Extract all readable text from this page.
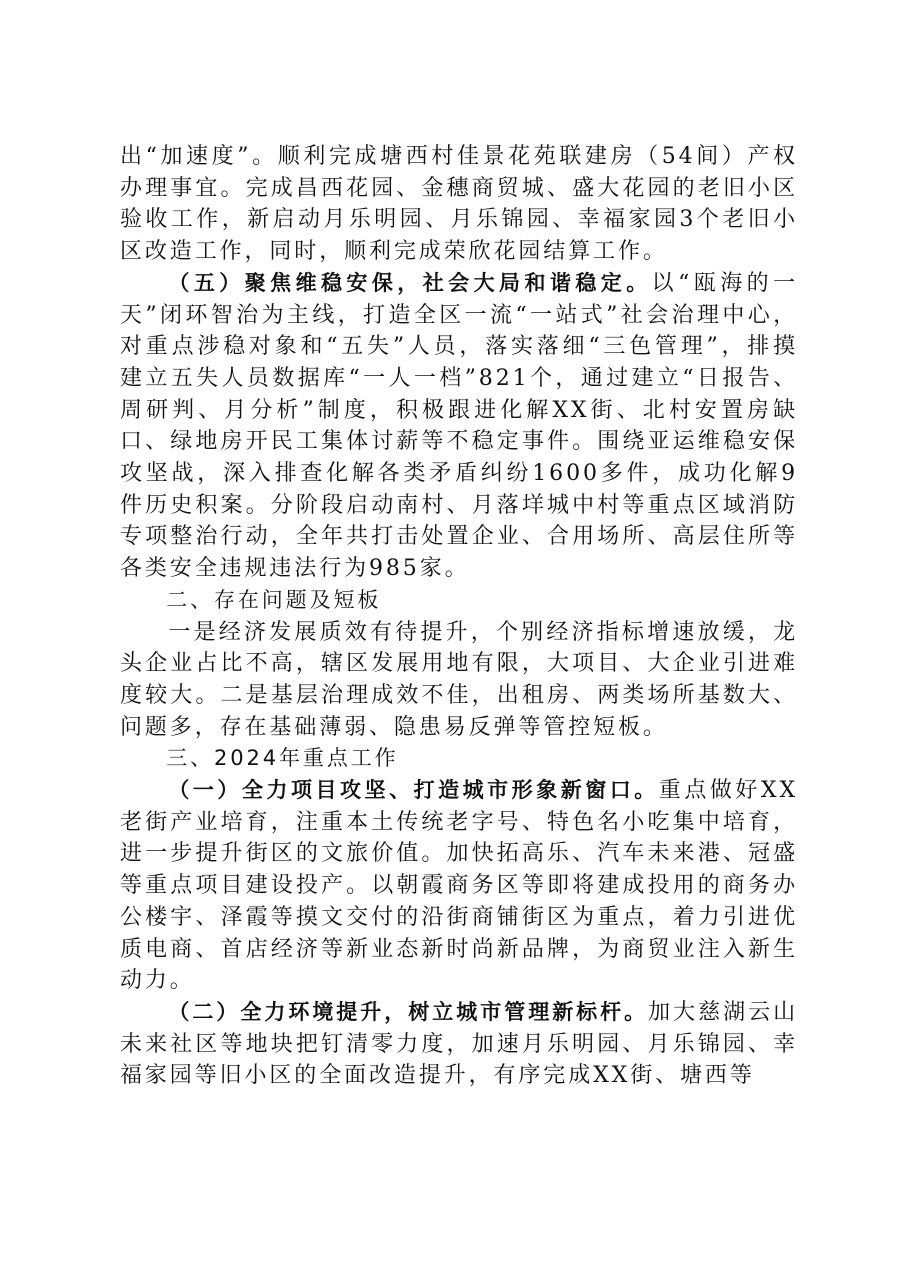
出“加速度”。顺利完成塘西村佳景花苑联建房（54间）产权办理事宜。完成昌西花园、金穗商贸城、盛大花园的老旧小区验收工作，新启动月乐明园、月乐锦园、幸福家园3个老旧小区改造工作，同时，顺利完成荣欣花园结算工作。

（五）聚焦维稳安保，社会大局和谐稳定。以“瓯海的一天”闭环智治为主线，打造全区一流“一站式”社会治理中心，对重点涉稳对象和“五失”人员，落实落细“三色管理”，排摸建立五失人员数据库“一人一档”821个，通过建立“日报告、周研判、月分析”制度，积极跟进化解XX街、北村安置房缺口、绿地房开民工集体讨薪等不稳定事件。围绕亚运维稳安保攻坚战，深入排查化解各类矛盾纠纷1600多件，成功化解9件历史积案。分阶段启动南村、月落垟城中村等重点区域消防专项整治行动，全年共打击处置企业、合用场所、高层住所等各类安全违规违法行为985家。

二、存在问题及短板

一是经济发展质效有待提升，个别经济指标增速放缓，龙头企业占比不高，辖区发展用地有限，大项目、大企业引进难度较大。二是基层治理成效不佳，出租房、两类场所基数大、问题多，存在基础薄弱、隐患易反弹等管控短板。

三、2024年重点工作

（一）全力项目攻坚、打造城市形象新窗口。重点做好XX老街产业培育，注重本土传统老字号、特色名小吃集中培育，进一步提升街区的文旅价值。加快拓高乐、汽车未来港、冠盛等重点项目建设投产。以朝霞商务区等即将建成投用的商务办公楼宇、泽霞等摸文交付的沿街商铺街区为重点，着力引进优质电商、首店经济等新业态新时尚新品牌，为商贸业注入新生动力。

（二）全力环境提升，树立城市管理新标杆。加大慈湖云山未来社区等地块把钉清零力度，加速月乐明园、月乐锦园、幸福家园等旧小区的全面改造提升，有序完成XX街、塘西等
